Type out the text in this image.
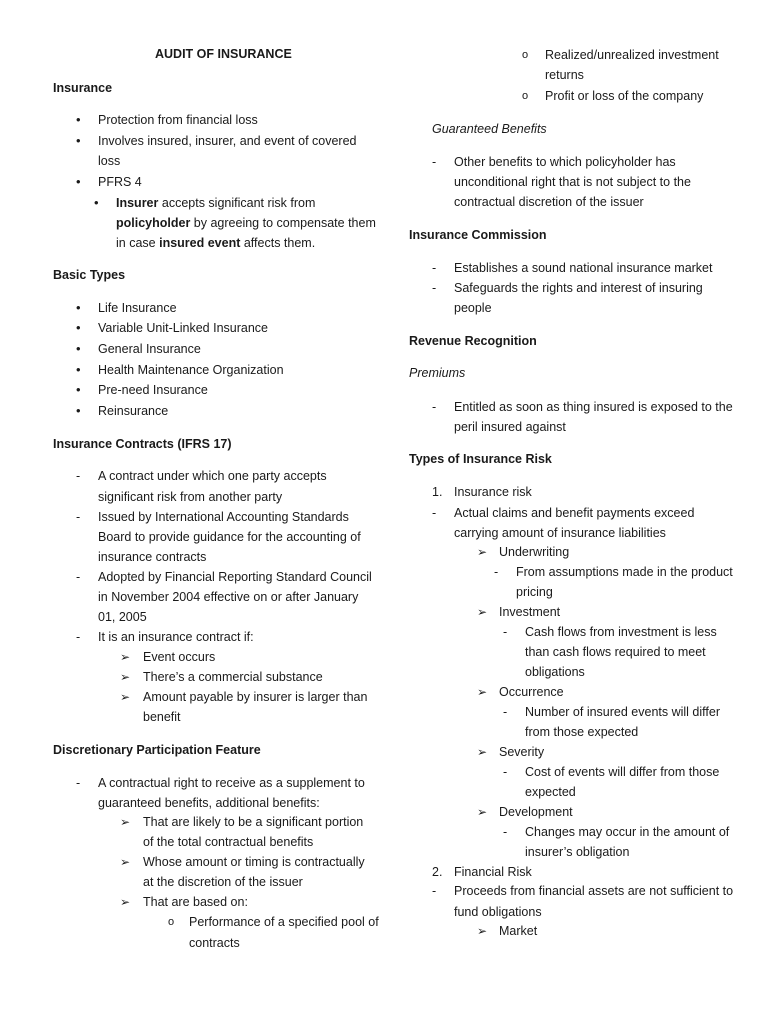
AUDIT OF INSURANCE
Insurance
• Protection from financial loss
• Involves insured, insurer, and event of covered
loss
• PFRS 4
• Insurer accepts significant risk from
policyholder by agreeing to compensate them
in case insured event affects them.
Basic Types
• Life Insurance
• Variable Unit-Linked Insurance
• General Insurance
• Health Maintenance Organization
• Pre-need Insurance
• Reinsurance
Insurance Contracts (IFRS 17)
- A contract under which one party accepts
significant risk from another party
- Issued by International Accounting Standards
Board to provide guidance for the accounting of
insurance contracts
- Adopted by Financial Reporting Standard Council
in November 2004 effective on or after January
01, 2005
- It is an insurance contract if:
➢ Event occurs
➢ There’s a commercial substance
➢ Amount payable by insurer is larger than
benefit
Discretionary Participation Feature
- A contractual right to receive as a supplement to
guaranteed benefits, additional benefits:
➢ That are likely to be a significant portion
of the total contractual benefits
➢ Whose amount or timing is contractually
at the discretion of the issuer
➢ That are based on:
o Performance of a specified pool of
contracts
o Realized/unrealized investment
returns
o Profit or loss of the company
Guaranteed Benefits
- Other benefits to which policyholder has
unconditional right that is not subject to the
contractual discretion of the issuer
Insurance Commission
- Establishes a sound national insurance market
- Safeguards the rights and interest of insuring
people
Revenue Recognition
Premiums
- Entitled as soon as thing insured is exposed to the
peril insured against
Types of Insurance Risk
1. Insurance risk
- Actual claims and benefit payments exceed
carrying amount of insurance liabilities
➢ Underwriting
- From assumptions made in the product
pricing
➢ Investment
- Cash flows from investment is less
than cash flows required to meet
obligations
➢ Occurrence
- Number of insured events will differ
from those expected
➢ Severity
- Cost of events will differ from those
expected
➢ Development
- Changes may occur in the amount of
insurer’s obligation
2. Financial Risk
- Proceeds from financial assets are not sufficient to
fund obligations
➢ Market
